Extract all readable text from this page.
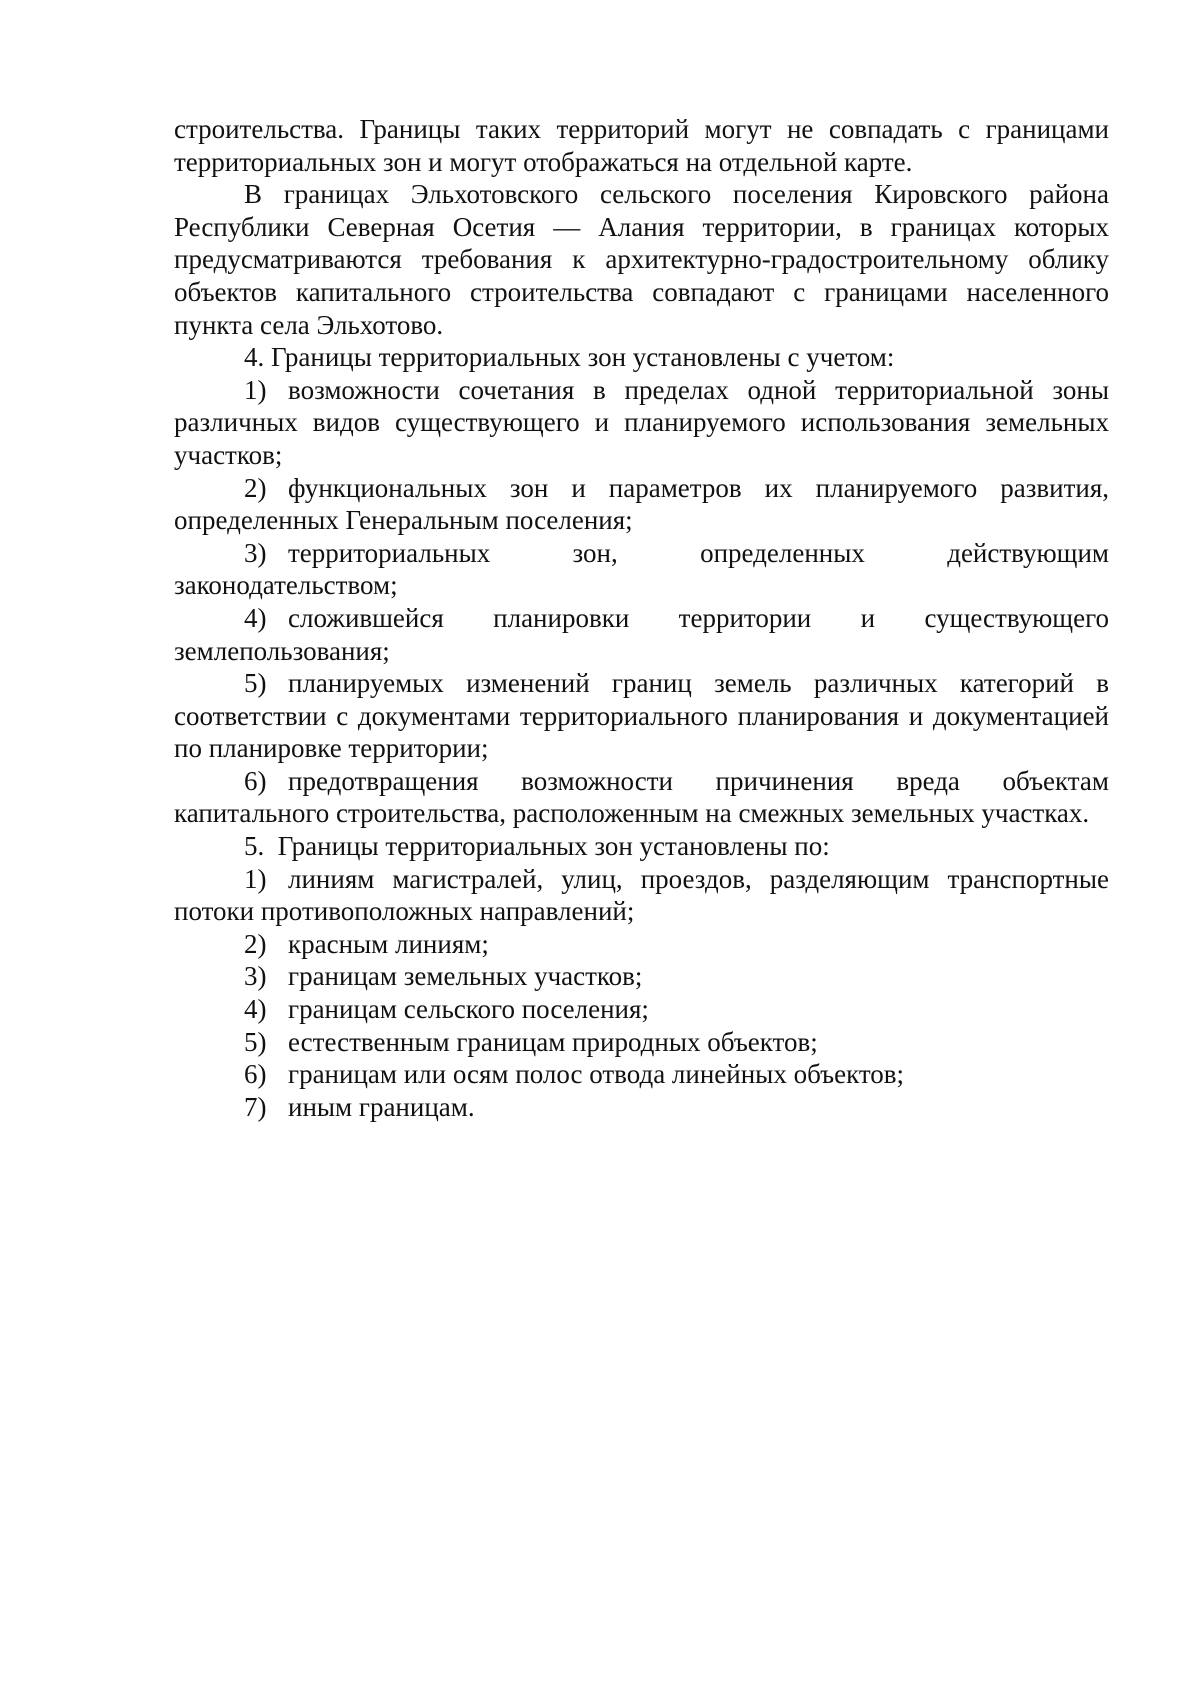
строительства. Границы таких территорий могут не совпадать с границами территориальных зон и могут отображаться на отдельной карте.

В границах Эльхотовского сельского поселения Кировского района Республики Северная Осетия — Алания территории, в границах которых предусматриваются требования к архитектурно-градостроительному облику объектов капитального строительства совпадают с границами населенного пункта села Эльхотово.

4. Границы территориальных зон установлены с учетом:

1) возможности сочетания в пределах одной территориальной зоны различных видов существующего и планируемого использования земельных участков;

2) функциональных зон и параметров их планируемого развития, определенных Генеральным поселения;

3) территориальных зон, определенных действующим законодательством;

4) сложившейся планировки территории и существующего землепользования;

5) планируемых изменений границ земель различных категорий в соответствии с документами территориального планирования и документацией по планировке территории;

6) предотвращения возможности причинения вреда объектам капитального строительства, расположенным на смежных земельных участках.

5.  Границы территориальных зон установлены по:

1) линиям магистралей, улиц, проездов, разделяющим транспортные потоки противоположных направлений;

2) красным линиям;

3) границам земельных участков;

4) границам сельского поселения;

5) естественным границам природных объектов;

6) границам или осям полос отвода линейных объектов;

7) иным границам.
